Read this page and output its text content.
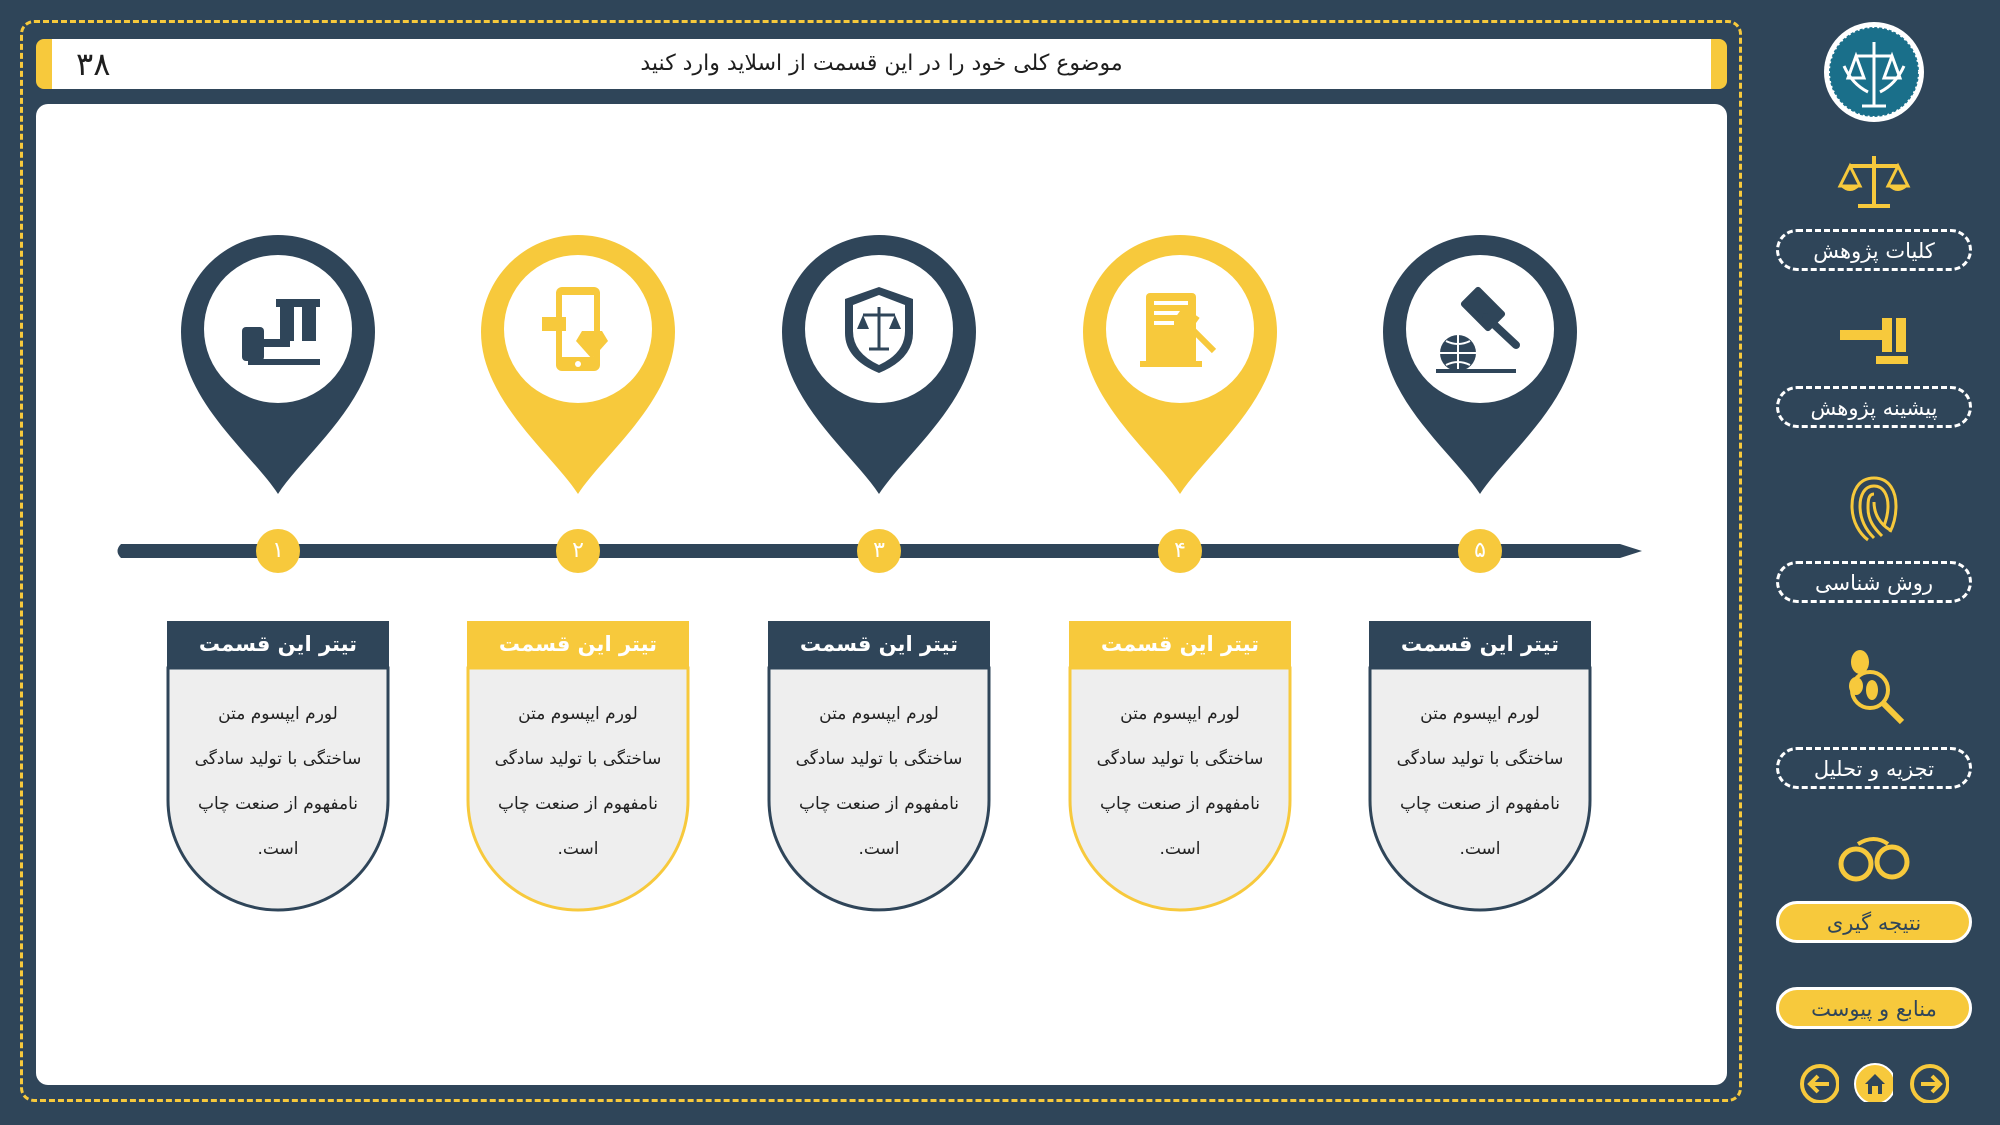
موضوع کلی خود را در این قسمت از اسلاید وارد کنید
۳۸
۱
تیتر این قسمت
لورم ایپسوم متن
ساختگی با تولید سادگی
نامفهوم از صنعت چاپ
است.
۲
تیتر این قسمت
لورم ایپسوم متن
ساختگی با تولید سادگی
نامفهوم از صنعت چاپ
است.
۳
تیتر این قسمت
لورم ایپسوم متن
ساختگی با تولید سادگی
نامفهوم از صنعت چاپ
است.
۴
تیتر این قسمت
لورم ایپسوم متن
ساختگی با تولید سادگی
نامفهوم از صنعت چاپ
است.
۵
تیتر این قسمت
لورم ایپسوم متن
ساختگی با تولید سادگی
نامفهوم از صنعت چاپ
است.
کلیات پژوهش
پیشینه پژوهش
روش شناسی
تجزیه و تحلیل
نتیجه گیری
منابع و پیوست
